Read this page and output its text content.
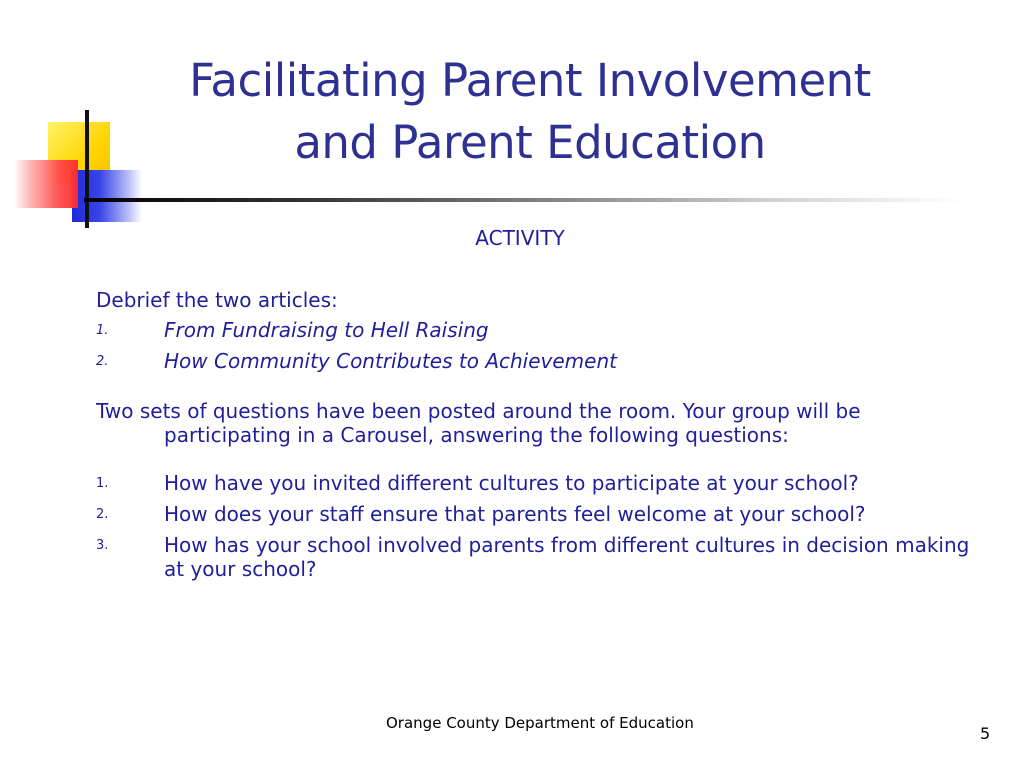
Facilitating Parent Involvement
and Parent Education
ACTIVITY
Debrief the two articles:
1.	From Fundraising to Hell Raising
2.	How Community Contributes to Achievement
Two sets of questions have been posted around the room. Your group will be participating in a Carousel, answering the following questions:
1.	How have you invited different cultures to participate at your school?
2.	How does your staff ensure that parents feel welcome at your school?
3.	How has your school involved parents from different cultures in decision making at your school?
Orange County Department of Education
5
